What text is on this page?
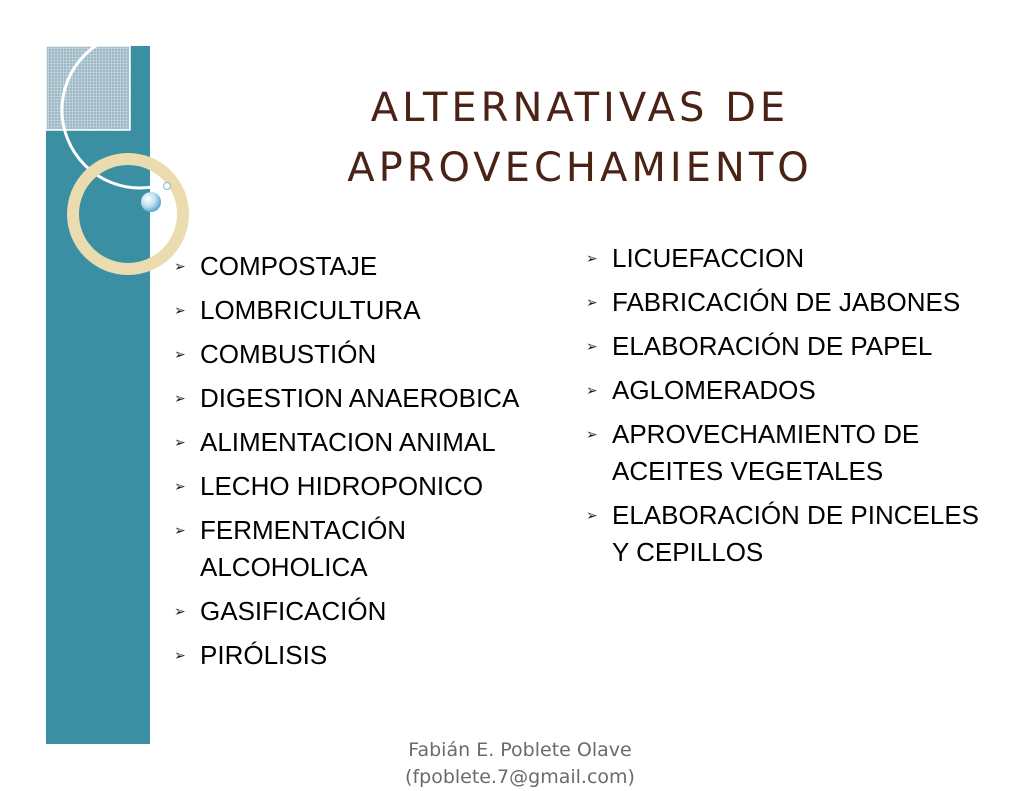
ALTERNATIVAS DE
APROVECHAMIENTO
➢ COMPOSTAJE
➢ LOMBRICULTURA
➢ COMBUSTIÓN
➢ DIGESTION ANAEROBICA
➢ ALIMENTACION ANIMAL
➢ LECHO HIDROPONICO
➢ FERMENTACIÓN ALCOHOLICA
➢ GASIFICACIÓN
➢ PIRÓLISIS
➢ LICUEFACCION
➢ FABRICACIÓN DE JABONES
➢ ELABORACIÓN DE PAPEL
➢ AGLOMERADOS
➢ APROVECHAMIENTO DE ACEITES VEGETALES
➢ ELABORACIÓN DE PINCELES Y CEPILLOS
Fabián E. Poblete Olave
(fpoblete.7@gmail.com)
